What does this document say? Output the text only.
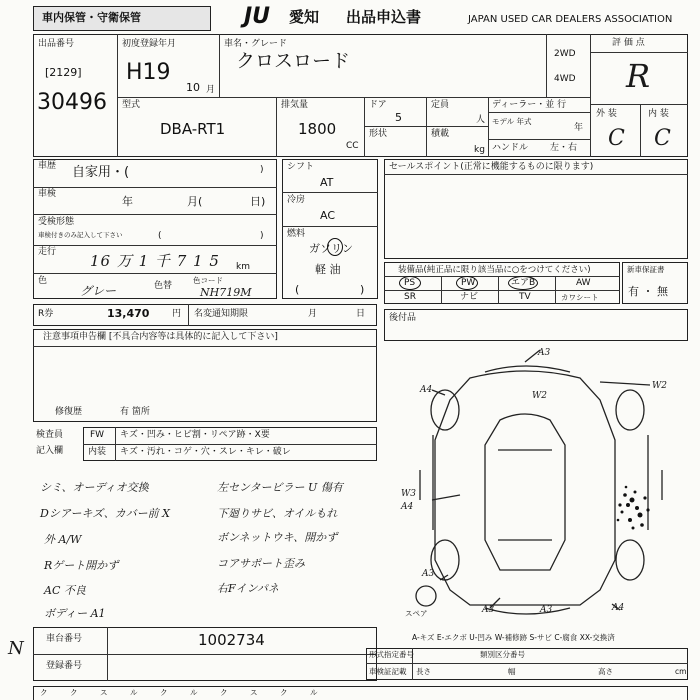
車内保管・守衛保管	JU 愛知 出品申込書	JAPAN USED CAR DEALERS ASSOCIATION
出品番号
[2129]
30496
初度登録年月
H19
10 月
車名・グレード
クロスロード	2WD
4WD
評 価 点
R
外 装	内 装
C C
型式
DBA-RT1
排気量
1800
CC
ドア
5
形状
定員
人
積載
kg
ディーラー・並 行
モデル 年式
年
ハンドル 左・右
車歴 自家用・(	)
車検
年	月(	日)
受検形態
車検付きのみ記入して下さい	(	)
走行 16 万 1 千 7 1 5 km
色
グレー	色替
色コード
NH719M
シフト
AT
冷房
AC
燃料
ガソリン
軽 油
(	)
セールスポイント(正常に機能するものに限ります)
装備品(純正品に限り該当品に○をつけてください)
PS	PW	エアB	AW
SR	ナビ	TV	カワシート
新車保証書
有 ・ 無
R券	13,470	円 名変通知期限	月	日	後付品
注意事項申告欄 [不具合内容等は具体的に記入して下さい]
修復歴	有 箇所
検査員
記入欄
FW キズ・凹み・ヒビ割・リペア跡・X要
内装 キズ・汚れ・コゲ・穴・スレ・キレ・破レ
シミ、オーディオ交換	左センタービラー U 傷有
Dシアーキズ、カバー前 X	下廻りサビ、オイルもれ
外 A/W	ボンネットウキ、開かず
Rゲート開かず	コアサポート歪み
AC 不良	右Fインパネ
ボディー A1
A3
W2
A4
W2
W3
A4
A3
A3	A3	A4
スペア
A-キズ E-エクボ U-凹み W-補修跡 S-サビ C-腐食 XX-交換済
N 車台番号	1002734
登録番号
形式指定番号	類別区分番号
車検証記載 長さ	幅	高さ	cm
ク	ク	ス	ル	ク	ル	ク	ス	ク	ル
